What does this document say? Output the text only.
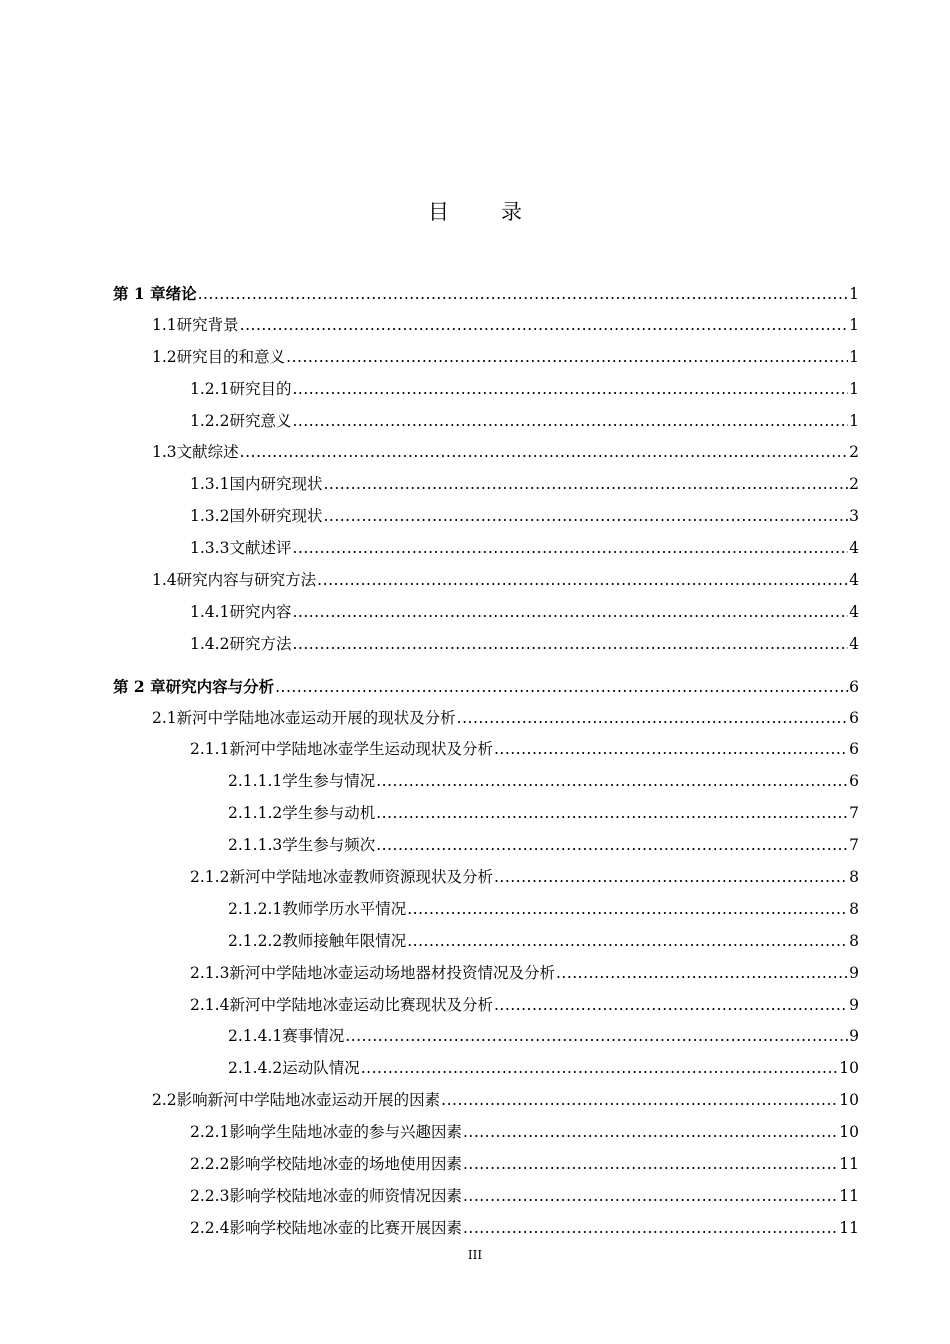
目 录
第 1 章 绪论 .....	1
1.1 研究背景 .....	1
1.2 研究目的和意义 .....	1
1.2.1 研究目的 .....	1
1.2.2 研究意义 .....	1
1.3 文献综述 .....	2
1.3.1 国内研究现状 .....	2
1.3.2 国外研究现状 .....	3
1.3.3 文献述评 .....	4
1.4 研究内容与研究方法 .....	4
1.4.1 研究内容 .....	4
1.4.2 研究方法 .....	4
第 2 章 研究内容与分析 .....	6
2.1 新河中学陆地冰壶运动开展的现状及分析 .....	6
2.1.1 新河中学陆地冰壶学生运动现状及分析 .....	6
2.1.1.1 学生参与情况 .....	6
2.1.1.2 学生参与动机 .....	7
2.1.1.3 学生参与频次 .....	7
2.1.2 新河中学陆地冰壶教师资源现状及分析 .....	8
2.1.2.1 教师学历水平情况 .....	8
2.1.2.2 教师接触年限情况 .....	8
2.1.3 新河中学陆地冰壶运动场地器材投资情况及分析 .....	9
2.1.4 新河中学陆地冰壶运动比赛现状及分析 .....	9
2.1.4.1 赛事情况 .....	9
2.1.4.2 运动队情况 .....	10
2.2 影响新河中学陆地冰壶运动开展的因素 .....	10
2.2.1 影响学生陆地冰壶的参与兴趣因素 .....	10
2.2.2 影响学校陆地冰壶的场地使用因素 .....	11
2.2.3 影响学校陆地冰壶的师资情况因素 .....	11
2.2.4 影响学校陆地冰壶的比赛开展因素 .....	11
III
